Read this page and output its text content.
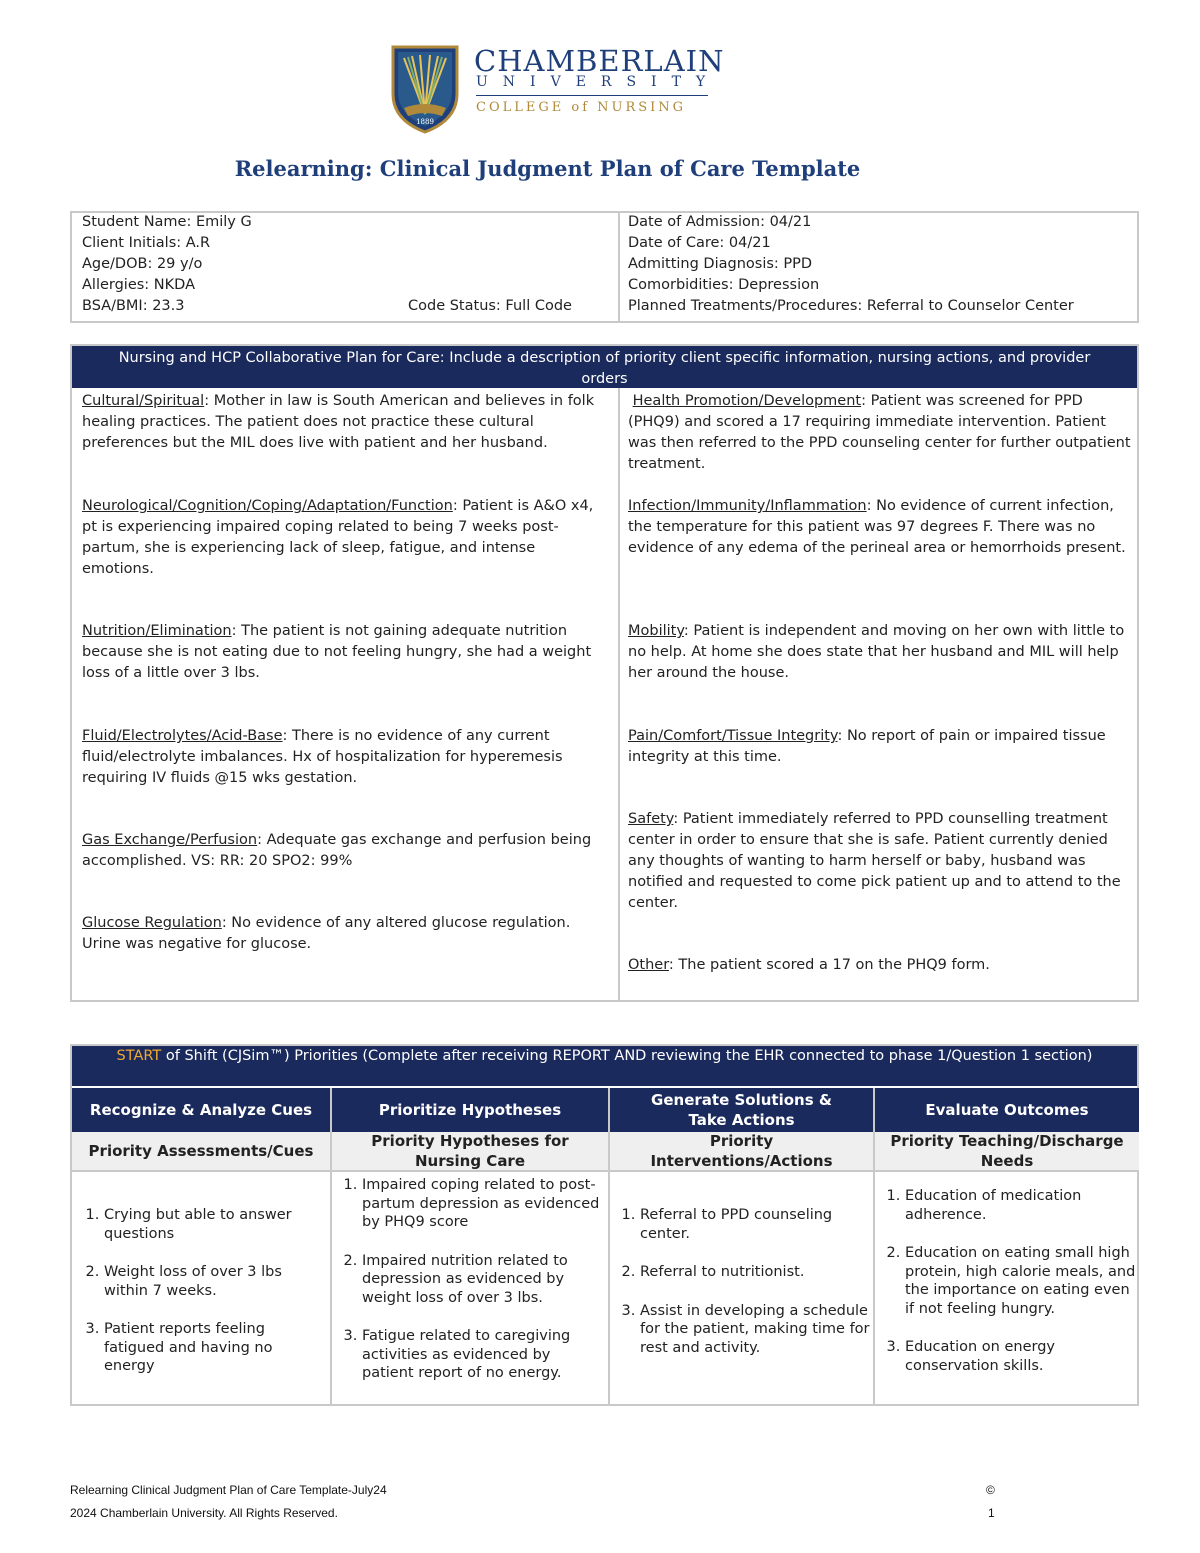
1889
CHAMBERLAIN
UNIVERSITY
COLLEGE of NURSING
Relearning: Clinical Judgment Plan of Care Template
Student Name: Emily G
Client Initials: A.R
Age/DOB: 29 y/o
Allergies: NKDA
BSA/BMI: 23.3	Code Status: Full Code
Date of Admission: 04/21
Date of Care: 04/21
Admitting Diagnosis: PPD
Comorbidities: Depression
Planned Treatments/Procedures: Referral to Counselor Center
Nursing and HCP Collaborative Plan for Care: Include a description of priority client specific information, nursing actions, and provider orders
Cultural/Spiritual: Mother in law is South American and believes in folk healing practices. The patient does not practice these cultural preferences but the MIL does live with patient and her husband.
Neurological/Cognition/Coping/Adaptation/Function: Patient is A&O x4, pt is experiencing impaired coping related to being 7 weeks post-partum, she is experiencing lack of sleep, fatigue, and intense emotions.
Nutrition/Elimination: The patient is not gaining adequate nutrition because she is not eating due to not feeling hungry, she had a weight loss of a little over 3 lbs.
Fluid/Electrolytes/Acid-Base: There is no evidence of any current fluid/electrolyte imbalances. Hx of hospitalization for hyperemesis requiring IV fluids @15 wks gestation.
Gas Exchange/Perfusion: Adequate gas exchange and perfusion being accomplished. VS: RR: 20 SPO2: 99%
Glucose Regulation: No evidence of any altered glucose regulation. Urine was negative for glucose.
Health Promotion/Development: Patient was screened for PPD (PHQ9) and scored a 17 requiring immediate intervention. Patient was then referred to the PPD counseling center for further outpatient treatment.
Infection/Immunity/Inflammation: No evidence of current infection, the temperature for this patient was 97 degrees F. There was no evidence of any edema of the perineal area or hemorrhoids present.
Mobility: Patient is independent and moving on her own with little to no help. At home she does state that her husband and MIL will help her around the house.
Pain/Comfort/Tissue Integrity: No report of pain or impaired tissue integrity at this time.
Safety: Patient immediately referred to PPD counselling treatment center in order to ensure that she is safe. Patient currently denied any thoughts of wanting to harm herself or baby, husband was notified and requested to come pick patient up and to attend to the center.
Other: The patient scored a 17 on the PHQ9 form.
START of Shift (CJSim™) Priorities (Complete after receiving REPORT AND reviewing the EHR connected to phase 1/Question 1 section)
Recognize & Analyze Cues	Prioritize Hypotheses
Generate Solutions & Take Actions
Evaluate Outcomes
Priority Assessments/Cues
Priority Hypotheses for Nursing Care
Priority Interventions/Actions
Priority Teaching/Discharge Needs
1. Crying but able to answer questions
2. Weight loss of over 3 lbs within 7 weeks.
3. Patient reports feeling fatigued and having no energy
1. Impaired coping related to post-partum depression as evidenced by PHQ9 score
2. Impaired nutrition related to depression as evidenced by weight loss of over 3 lbs.
3. Fatigue related to caregiving activities as evidenced by patient report of no energy.
1. Referral to PPD counseling center.
2. Referral to nutritionist.
3. Assist in developing a schedule for the patient, making time for rest and activity.
1. Education of medication adherence.
2. Education on eating small high protein, high calorie meals, and the importance on eating even if not feeling hungry.
3. Education on energy conservation skills.
Relearning Clinical Judgment Plan of Care Template-July24
2024 Chamberlain University. All Rights Reserved.
©
1
